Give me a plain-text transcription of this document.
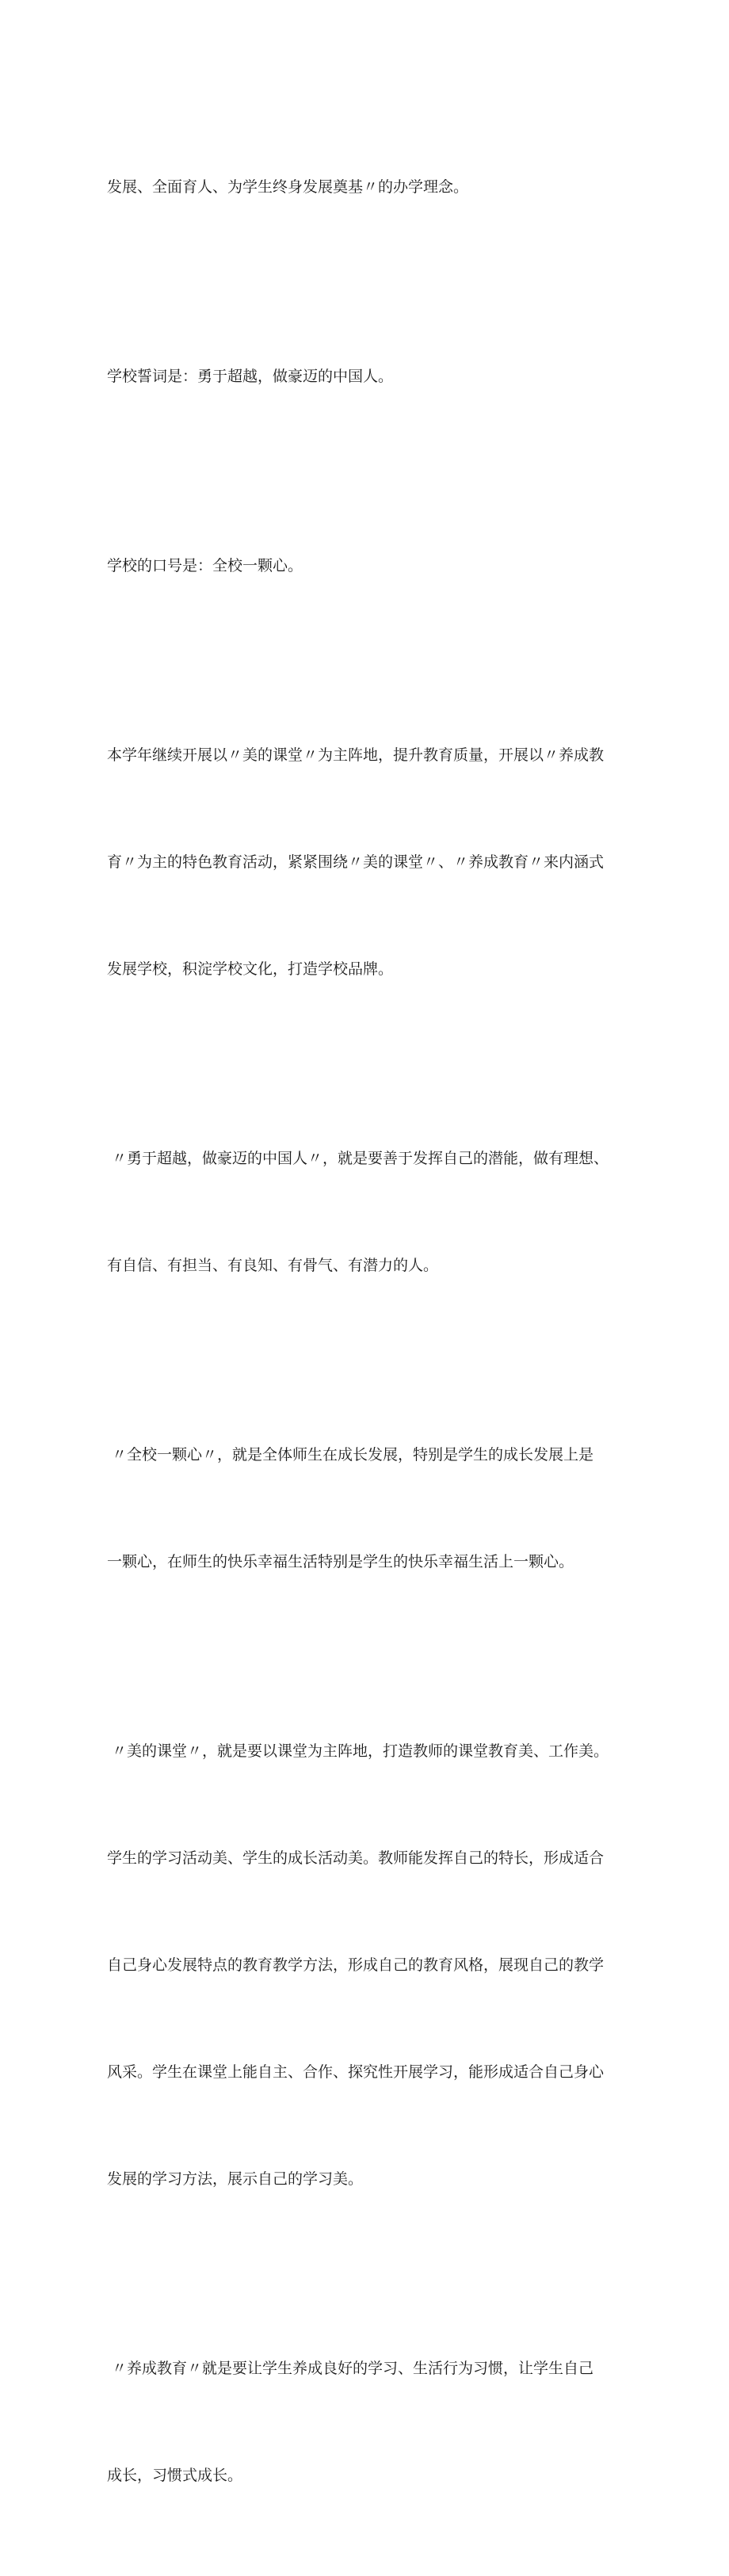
发展、全面育人、为学生终身发展奠基〃的办学理念。

学校誓词是：勇于超越，做豪迈的中国人。

学校的口号是：全校一颗心。

本学年继续开展以〃美的课堂〃为主阵地，提升教育质量，开展以〃养成教

育〃为主的特色教育活动，紧紧围绕〃美的课堂〃、〃养成教育〃来内涵式

发展学校，积淀学校文化，打造学校品牌。

〃勇于超越，做豪迈的中国人〃，就是要善于发挥自己的潜能，做有理想、

有自信、有担当、有良知、有骨气、有潜力的人。

〃全校一颗心〃，就是全体师生在成长发展，特别是学生的成长发展上是

一颗心，在师生的快乐幸福生活特别是学生的快乐幸福生活上一颗心。

〃美的课堂〃，就是要以课堂为主阵地，打造教师的课堂教育美、工作美。

学生的学习活动美、学生的成长活动美。教师能发挥自己的特长，形成适合

自己身心发展特点的教育教学方法，形成自己的教育风格，展现自己的教学

风采。学生在课堂上能自主、合作、探究性开展学习，能形成适合自己身心

发展的学习方法，展示自己的学习美。

〃养成教育〃就是要让学生养成良好的学习、生活行为习惯，让学生自己

成长，习惯式成长。
